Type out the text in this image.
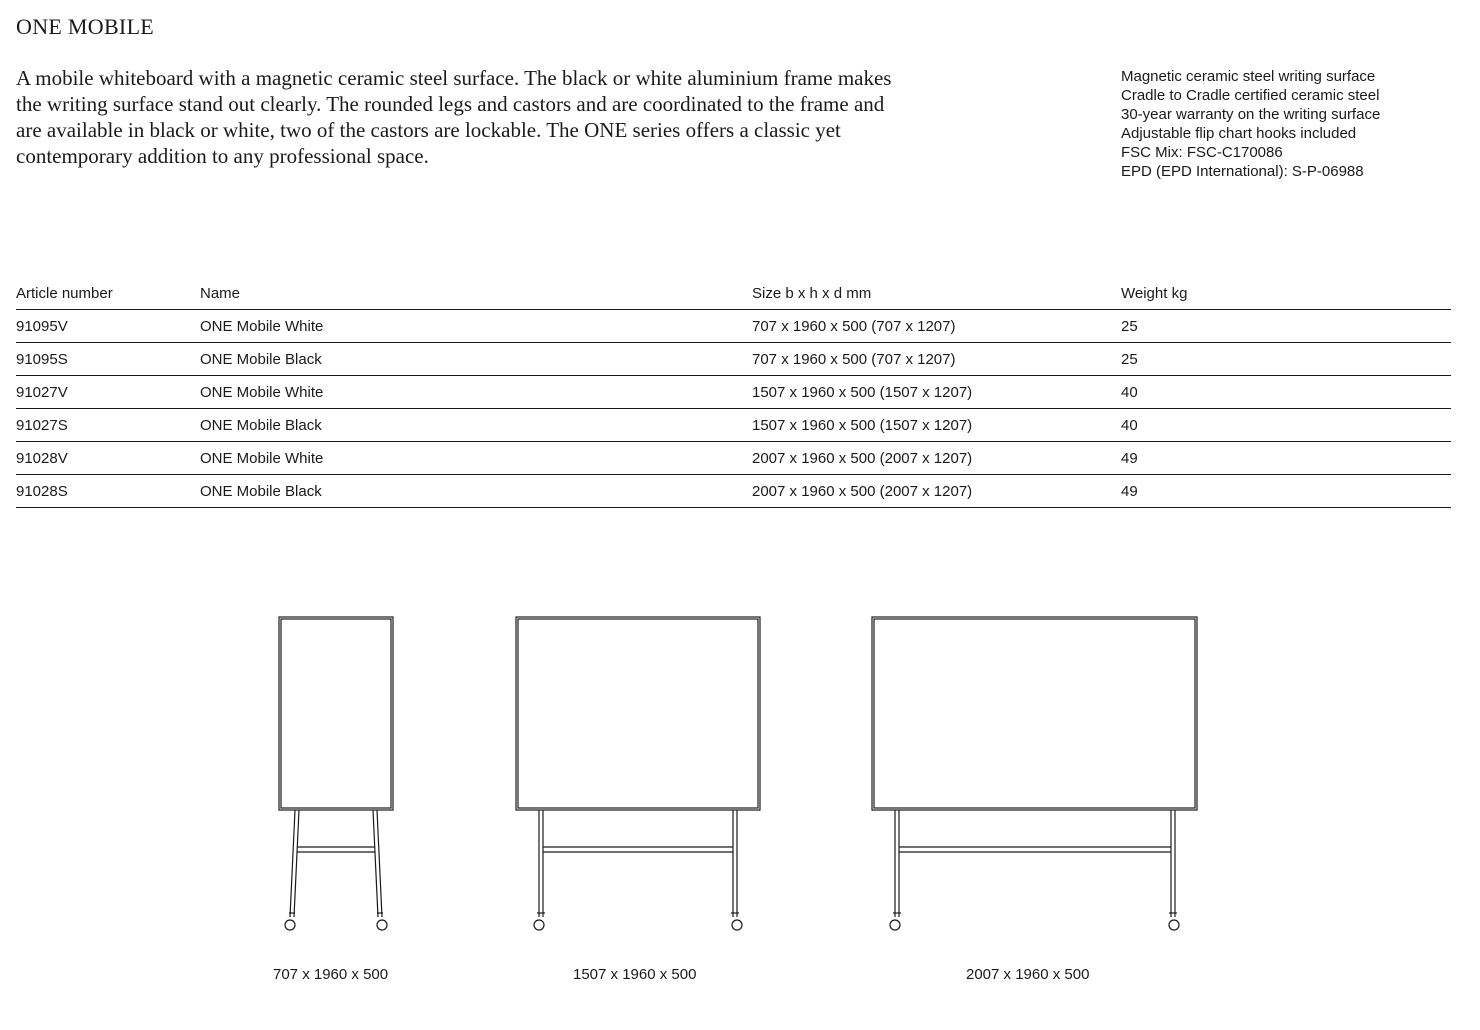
ONE MOBILE
A mobile whiteboard with a magnetic ceramic steel surface. The black or white aluminium frame makes the writing surface stand out clearly. The rounded legs and castors and are coordinated to the frame and are available in black or white, two of the castors are lockable. The ONE series offers a classic yet contemporary addition to any professional space.
Magnetic ceramic steel writing surface
Cradle to Cradle certified ceramic steel
30-year warranty on the writing surface
Adjustable flip chart hooks included
FSC Mix: FSC-C170086
EPD (EPD International): S-P-06988
Article number	Name	Size b x h x d mm	Weight kg
91095V	ONE Mobile White	707 x 1960 x 500 (707 x 1207)	25
91095S	ONE Mobile Black	707 x 1960 x 500 (707 x 1207)	25
91027V	ONE Mobile White	1507 x 1960 x 500 (1507 x 1207)	40
91027S	ONE Mobile Black	1507 x 1960 x 500 (1507 x 1207)	40
91028V	ONE Mobile White	2007 x 1960 x 500 (2007 x 1207)	49
91028S	ONE Mobile Black	2007 x 1960 x 500 (2007 x 1207)	49
707 x 1960 x 500	1507 x 1960 x 500	2007 x 1960 x 500
